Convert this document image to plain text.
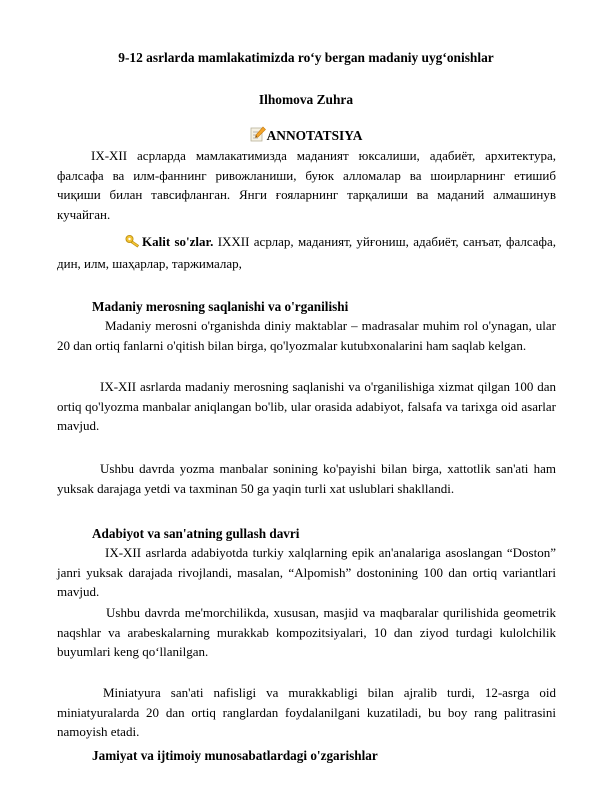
9-12 asrlarda mamlakatimizda ro‘y bergan madaniy uyg‘onishlar
Ilhomova Zuhra
ANNOTATSIYA
IX-XII асрларда мамлакатимизда маданият юксалиши, адабиёт, архитектура, фалсафа ва илм-фаннинг ривожланиши, буюк алломалар ва шоирларнинг етишиб чиқиши билан тавсифланган. Янги ғояларнинг тарқалиши ва маданий алмашинув кучайган.
Kalit so'zlar. IXXII асрлар, маданият, уйғониш, адабиёт, санъат, фалсафа, дин, илм, шаҳарлар, таржималар,
Madaniy merosning saqlanishi va o'rganilishi
Madaniy merosni o'rganishda diniy maktablar – madrasalar muhim rol o'ynagan, ular 20 dan ortiq fanlarni o'qitish bilan birga, qo'lyozmalar kutubxonalarini ham saqlab kelgan.
IX-XII asrlarda madaniy merosning saqlanishi va o'rganilishiga xizmat qilgan 100 dan ortiq qo'lyozma manbalar aniqlangan bo'lib, ular orasida adabiyot, falsafa va tarixga oid asarlar mavjud.
Ushbu davrda yozma manbalar sonining ko'payishi bilan birga, xattotlik san'ati ham yuksak darajaga yetdi va taxminan 50 ga yaqin turli xat uslublari shakllandi.
Adabiyot va san'atning gullash davri
IX-XII asrlarda adabiyotda turkiy xalqlarning epik an'analariga asoslangan “Doston” janri yuksak darajada rivojlandi, masalan, “Alpomish” dostonining 100 dan ortiq variantlari mavjud.
Ushbu davrda me'morchilikda, xususan, masjid va maqbaralar qurilishida geometrik naqshlar va arabeskalarning murakkab kompozitsiyalari, 10 dan ziyod turdagi kulolchilik buyumlari keng qo‘llanilgan.
Miniatyura san'ati nafisligi va murakkabligi bilan ajralib turdi, 12-asrga oid miniatyuralarda 20 dan ortiq ranglardan foydalanilgani kuzatiladi, bu boy rang palitrasini namoyish etadi.
Jamiyat va ijtimoiy munosabatlardagi o'zgarishlar
